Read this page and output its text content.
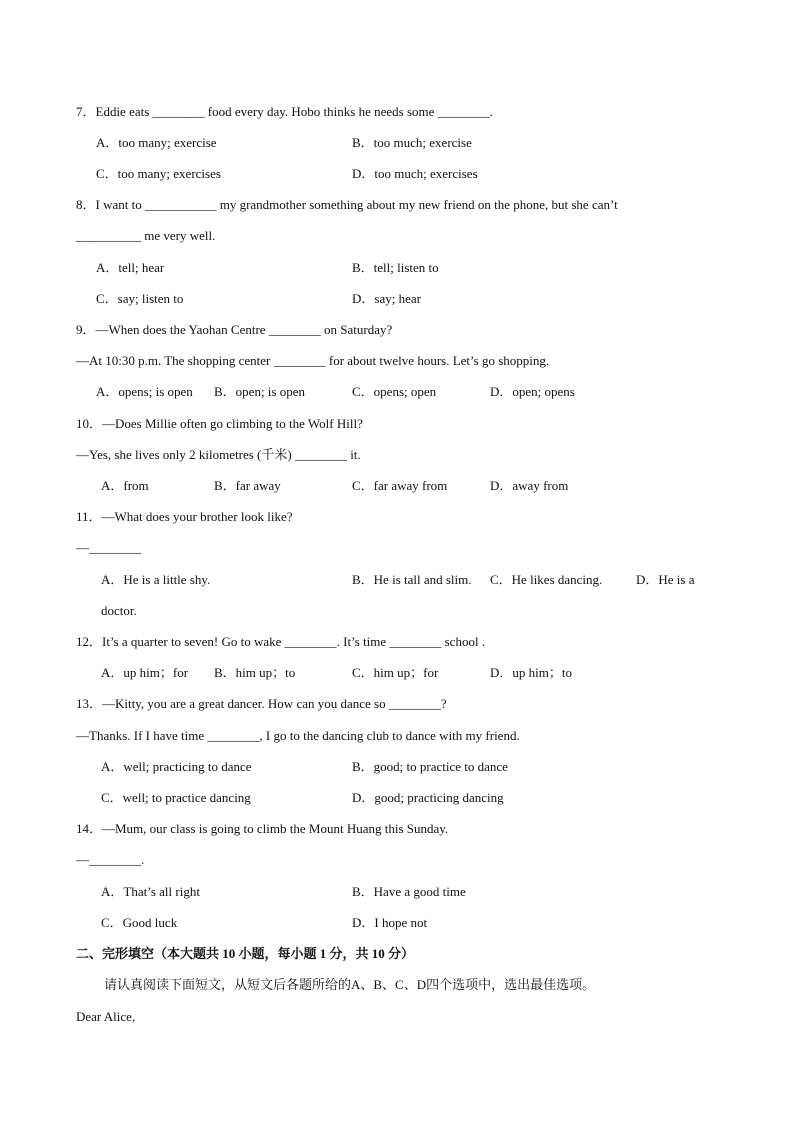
7．Eddie eats ________ food every day. Hobo thinks he needs some ________.
A．too many; exercise	B．too much; exercise
C．too many; exercises	D．too much; exercises
8．I want to ___________ my grandmother something about my new friend on the phone, but she can’t
__________ me very well.
A．tell; hear	B．tell; listen to
C．say; listen to	D．say; hear
9．—When does the Yaohan Centre ________ on Saturday?
—At 10:30 p.m. The shopping center ________ for about twelve hours. Let’s go shopping.
A．opens; is open B．open; is open	C．opens; open	D．open; opens
10．—Does Millie often go climbing to the Wolf Hill?
—Yes, she lives only 2 kilometres (千米) ________ it.
A．from	B．far away	C．far away from	D．away from
11．—What does your brother look like?
—________
A．He is a little shy.	B．He is tall and slim. C．He likes dancing.	D．He is a
doctor.
12．It’s a quarter to seven! Go to wake ________. It’s time ________ school .
A．up him；for B．him up；to	C．him up；for	D．up him；to
13．—Kitty, you are a great dancer. How can you dance so ________?
—Thanks. If I have time ________, I go to the dancing club to dance with my friend.
A．well; practicing to dance	B．good; to practice to dance
C．well; to practice dancing	D．good; practicing dancing
14．—Mum, our class is going to climb the Mount Huang this Sunday.
—________.
A．That’s all right	B．Have a good time
C．Good luck	D．I hope not
二、完形填空（本大题共 10 小题，每小题 1 分，共 10 分）
请认真阅读下面短文，从短文后各题所给的A、B、C、D四个选项中，选出最佳选项。
Dear Alice,
